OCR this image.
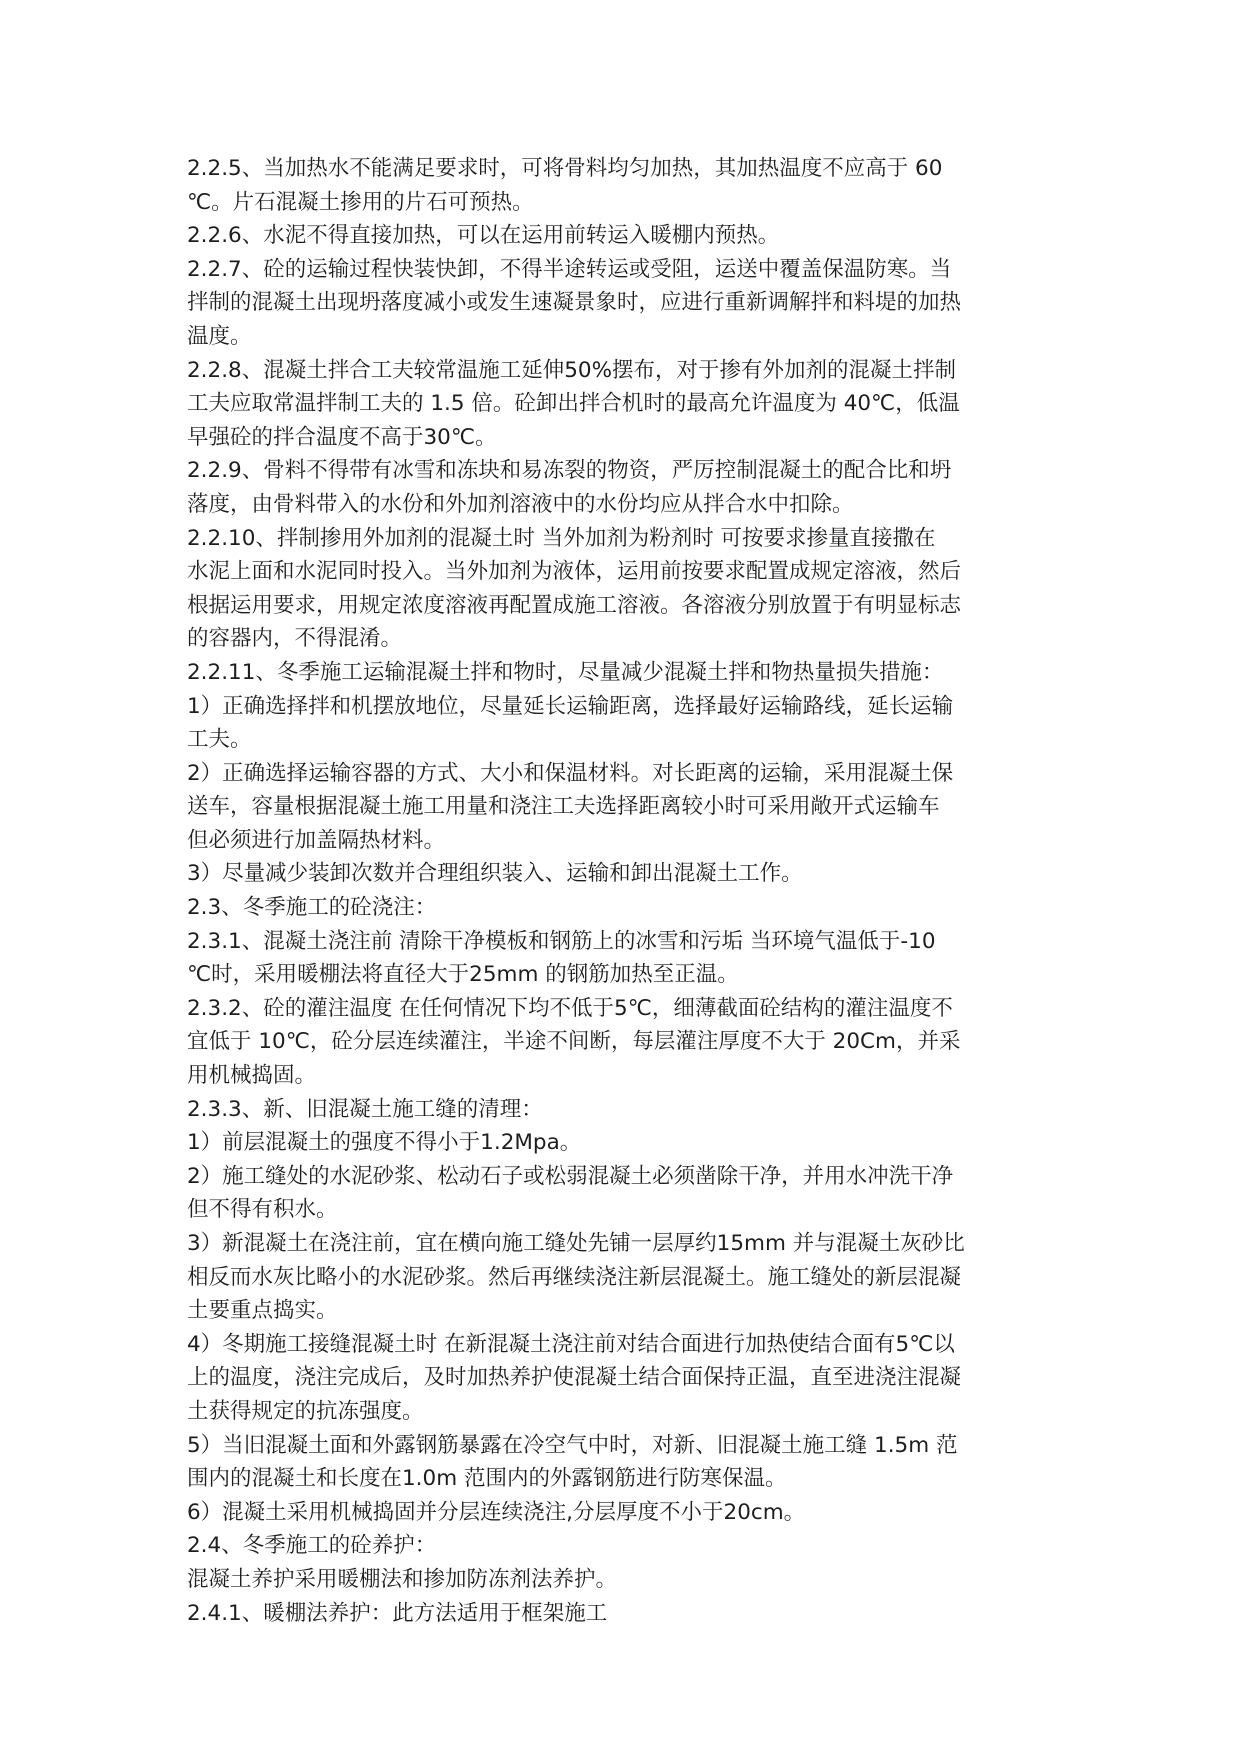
2.2.5、当加热水不能满足要求时，可将骨料均匀加热，其加热温度不应高于 60

℃。片石混凝土掺用的片石可预热。

2.2.6、水泥不得直接加热，可以在运用前转运入暖棚内预热。

2.2.7、砼的运输过程快装快卸，不得半途转运或受阻，运送中覆盖保温防寒。当

拌制的混凝土出现坍落度减小或发生速凝景象时，应进行重新调解拌和料堤的加热

温度。

2.2.8、混凝土拌合工夫较常温施工延伸50%摆布，对于掺有外加剂的混凝土拌制

工夫应取常温拌制工夫的 1.5 倍。砼卸出拌合机时的最高允许温度为 40℃，低温

早强砼的拌合温度不高于30℃。

2.2.9、骨料不得带有冰雪和冻块和易冻裂的物资，严厉控制混凝土的配合比和坍

落度，由骨料带入的水份和外加剂溶液中的水份均应从拌合水中扣除。

2.2.10、拌制掺用外加剂的混凝土时 当外加剂为粉剂时 可按要求掺量直接撒在

水泥上面和水泥同时投入。当外加剂为液体，运用前按要求配置成规定溶液，然后

根据运用要求，用规定浓度溶液再配置成施工溶液。各溶液分别放置于有明显标志

的容器内，不得混淆。

2.2.11、冬季施工运输混凝土拌和物时，尽量减少混凝土拌和物热量损失措施：

1）正确选择拌和机摆放地位，尽量延长运输距离，选择最好运输路线，延长运输

工夫。

2）正确选择运输容器的方式、大小和保温材料。对长距离的运输，采用混凝土保

送车，容量根据混凝土施工用量和浇注工夫选择距离较小时可采用敞开式运输车

但必须进行加盖隔热材料。

3）尽量减少装卸次数并合理组织装入、运输和卸出混凝土工作。

2.3、冬季施工的砼浇注：

2.3.1、混凝土浇注前 清除干净模板和钢筋上的冰雪和污垢 当环境气温低于-10

℃时，采用暖棚法将直径大于25mm 的钢筋加热至正温。

2.3.2、砼的灌注温度 在任何情况下均不低于5℃，细薄截面砼结构的灌注温度不

宜低于 10℃，砼分层连续灌注，半途不间断，每层灌注厚度不大于 20Cm，并采

用机械捣固。

2.3.3、新、旧混凝土施工缝的清理：

1）前层混凝土的强度不得小于1.2Mpa。

2）施工缝处的水泥砂浆、松动石子或松弱混凝土必须凿除干净，并用水冲洗干净

但不得有积水。

3）新混凝土在浇注前，宜在横向施工缝处先铺一层厚约15mm 并与混凝土灰砂比

相反而水灰比略小的水泥砂浆。然后再继续浇注新层混凝土。施工缝处的新层混凝

土要重点捣实。

4）冬期施工接缝混凝土时 在新混凝土浇注前对结合面进行加热使结合面有5℃以

上的温度，浇注完成后，及时加热养护使混凝土结合面保持正温，直至进浇注混凝

土获得规定的抗冻强度。

5）当旧混凝土面和外露钢筋暴露在冷空气中时，对新、旧混凝土施工缝 1.5m 范

围内的混凝土和长度在1.0m 范围内的外露钢筋进行防寒保温。

6）混凝土采用机械捣固并分层连续浇注,分层厚度不小于20cm。

2.4、冬季施工的砼养护：

混凝土养护采用暖棚法和掺加防冻剂法养护。

2.4.1、暖棚法养护：此方法适用于框架施工
